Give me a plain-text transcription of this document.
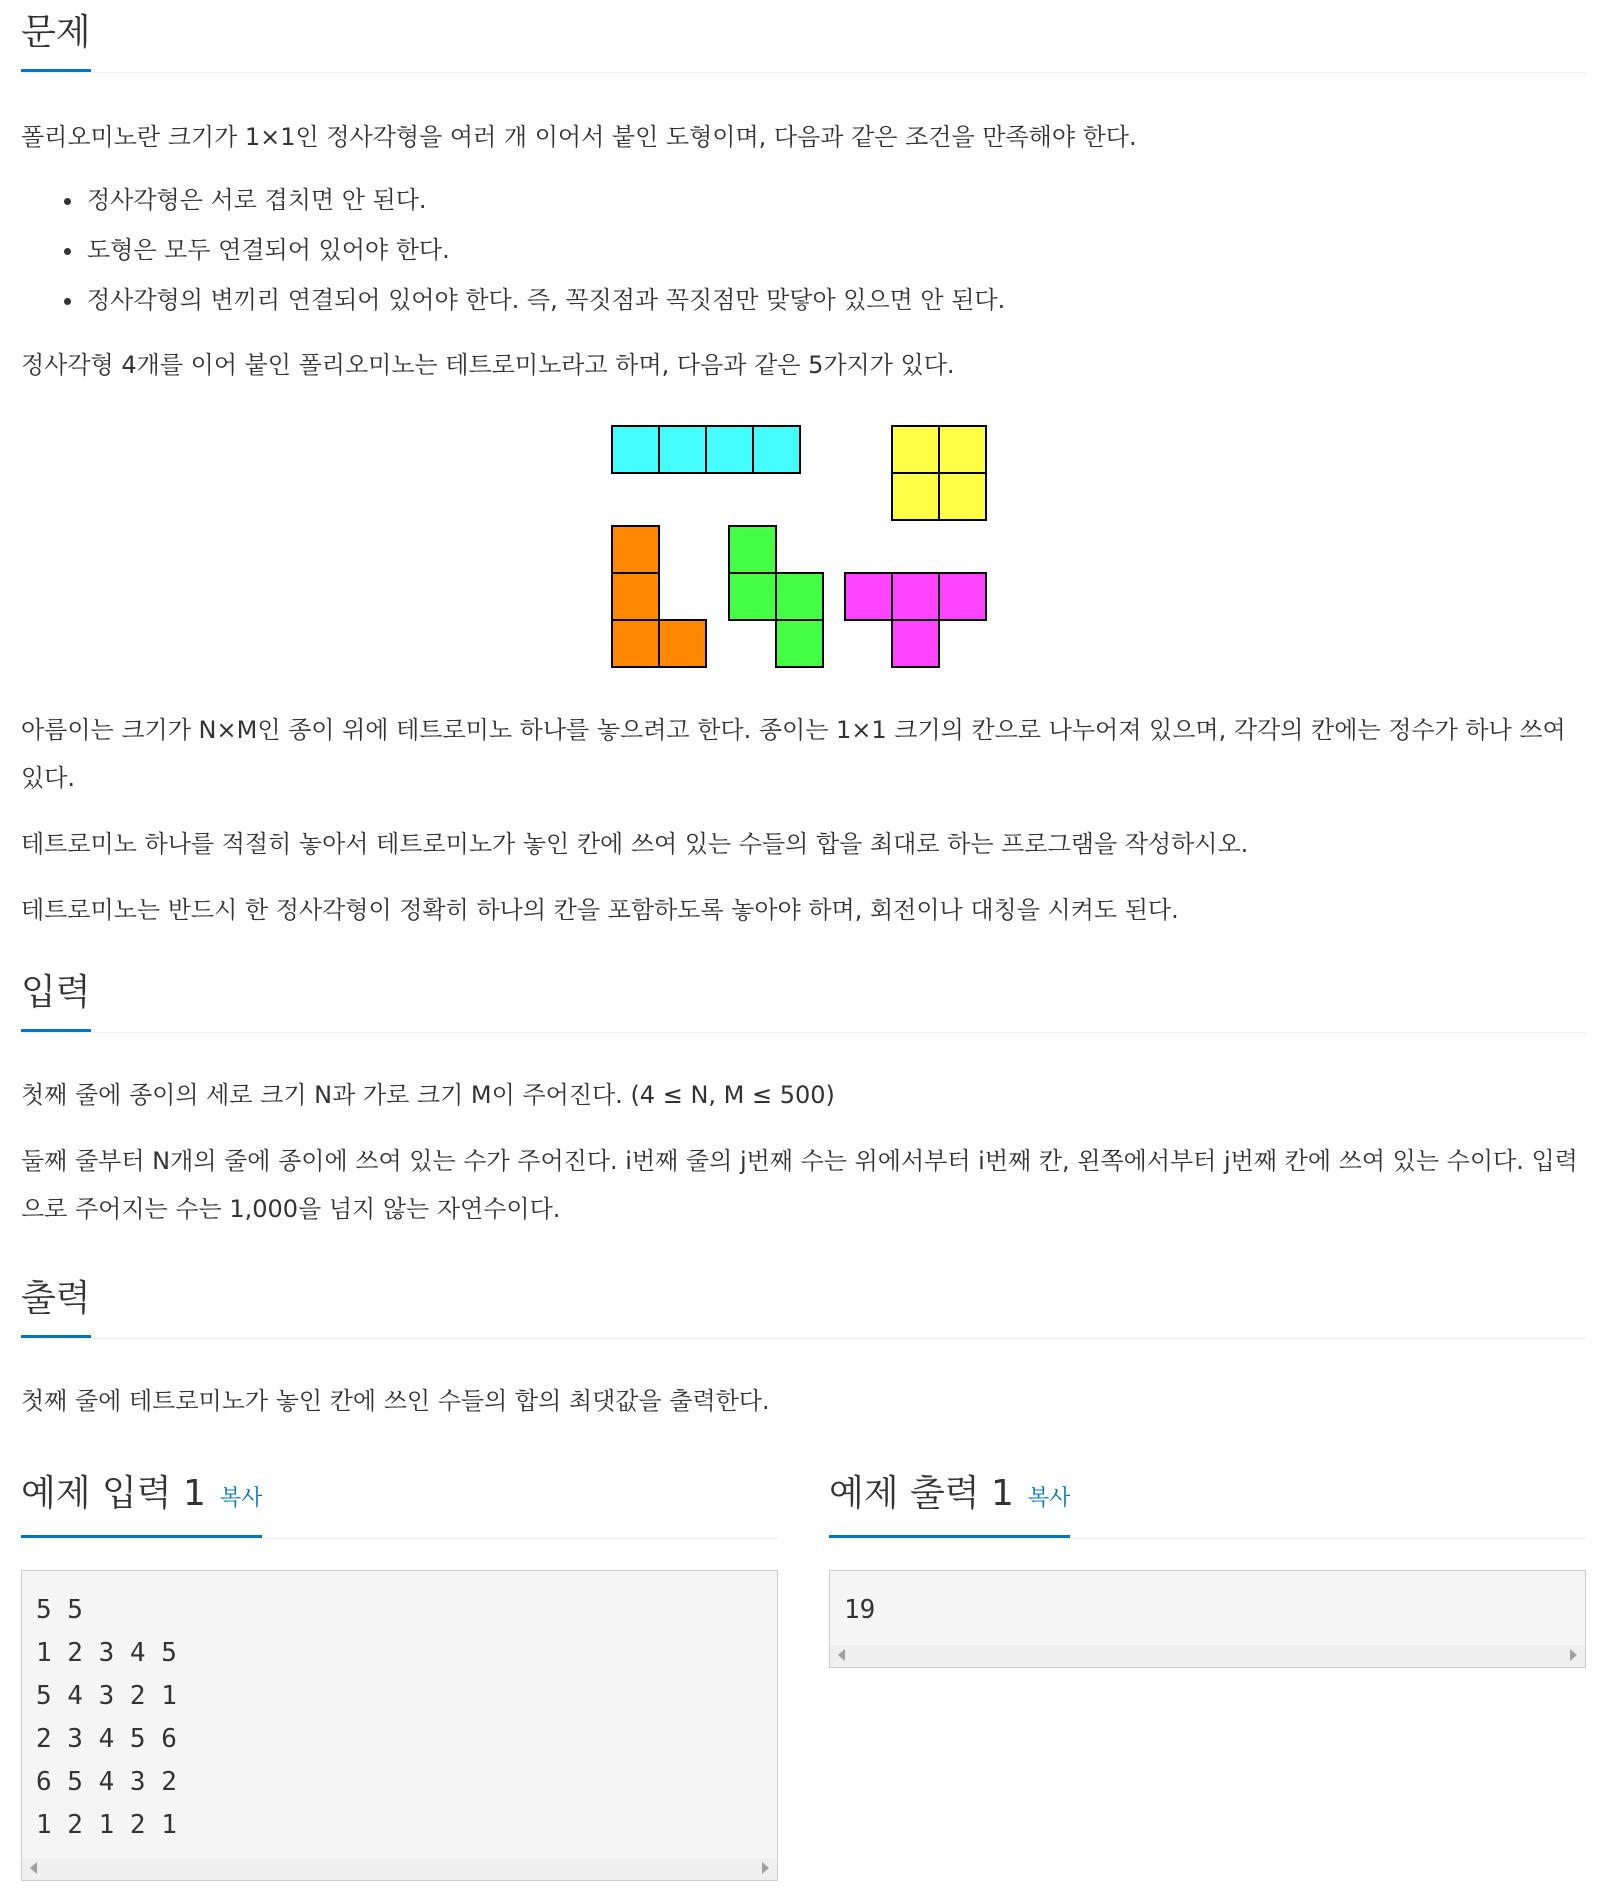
문제

폴리오미노란 크기가 1×1인 정사각형을 여러 개 이어서 붙인 도형이며, 다음과 같은 조건을 만족해야 한다.

• 정사각형은 서로 겹치면 안 된다.
• 도형은 모두 연결되어 있어야 한다.
• 정사각형의 변끼리 연결되어 있어야 한다. 즉, 꼭짓점과 꼭짓점만 맞닿아 있으면 안 된다.

정사각형 4개를 이어 붙인 폴리오미노는 테트로미노라고 하며, 다음과 같은 5가지가 있다.

아름이는 크기가 N×M인 종이 위에 테트로미노 하나를 놓으려고 한다. 종이는 1×1 크기의 칸으로 나누어져 있으며, 각각의 칸에는 정수가 하나 쓰여 있다.

테트로미노 하나를 적절히 놓아서 테트로미노가 놓인 칸에 쓰여 있는 수들의 합을 최대로 하는 프로그램을 작성하시오.

테트로미노는 반드시 한 정사각형이 정확히 하나의 칸을 포함하도록 놓아야 하며, 회전이나 대칭을 시켜도 된다.

입력

첫째 줄에 종이의 세로 크기 N과 가로 크기 M이 주어진다. (4 ≤ N, M ≤ 500)

둘째 줄부터 N개의 줄에 종이에 쓰여 있는 수가 주어진다. i번째 줄의 j번째 수는 위에서부터 i번째 칸, 왼쪽에서부터 j번째 칸에 쓰여 있는 수이다. 입력으로 주어지는 수는 1,000을 넘지 않는 자연수이다.

출력

첫째 줄에 테트로미노가 놓인 칸에 쓰인 수들의 합의 최댓값을 출력한다.

예제 입력 1 복사
5 5
1 2 3 4 5
5 4 3 2 1
2 3 4 5 6
6 5 4 3 2
1 2 1 2 1
예제 출력 1 복사
19
